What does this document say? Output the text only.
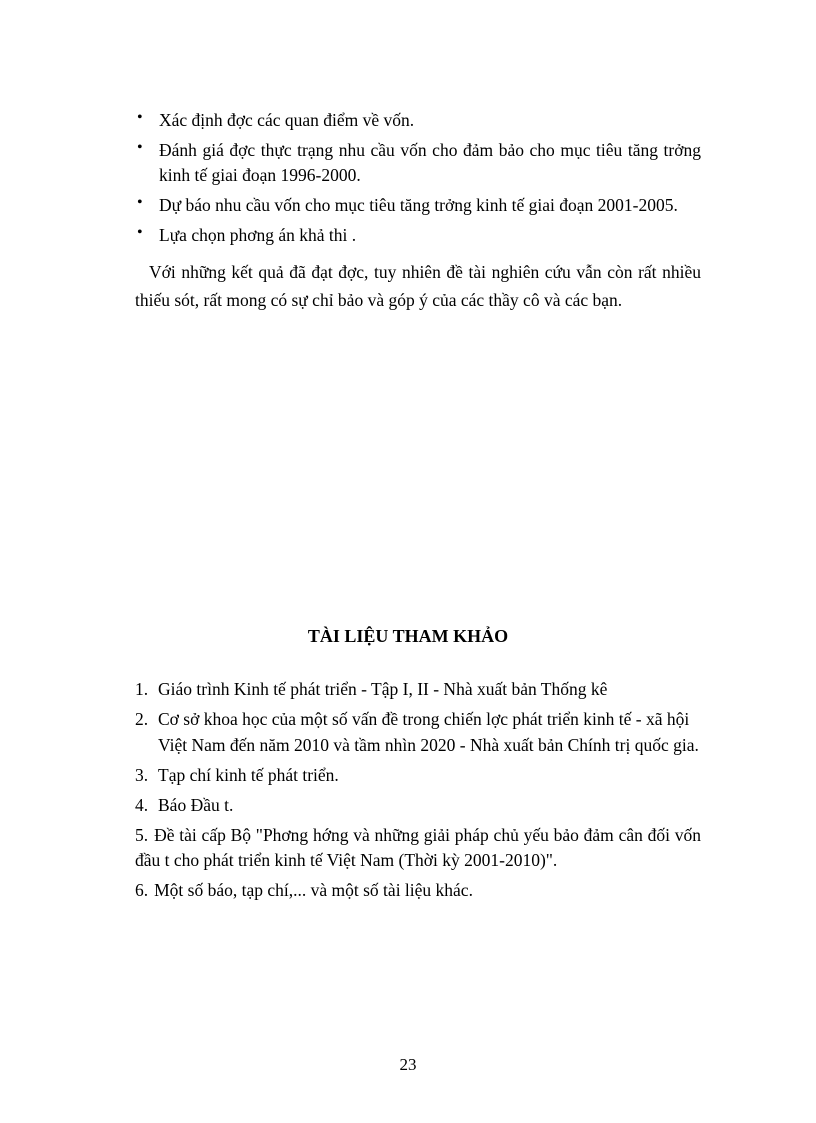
• Xác định đợc các quan điểm về vốn.
• Đánh giá đợc thực trạng nhu cầu vốn cho đảm bảo cho mục tiêu tăng trởng kinh tế giai đoạn 1996-2000.
• Dự báo nhu cầu vốn cho mục tiêu tăng trởng kinh tế giai đoạn 2001-2005.
• Lựa chọn phơng án khả thi .

Với những kết quả đã đạt đợc, tuy nhiên đề tài nghiên cứu vẫn còn rất nhiều thiếu sót, rất mong có sự chỉ bảo và góp ý của các thầy cô và các bạn.

TÀI LIỆU THAM KHẢO
1. Giáo trình Kinh tế phát triển - Tập I, II - Nhà xuất bản Thống kê
2. Cơ sở khoa học của một số vấn đề trong chiến lợc phát triển kinh tế - xã hội Việt Nam đến năm 2010 và tầm nhìn 2020 - Nhà xuất bản Chính trị quốc gia.
3. Tạp chí kinh tế phát triển.
4. Báo Đầu t.
5. Đề tài cấp Bộ "Phơng hớng và những giải pháp chủ yếu bảo đảm cân đối vốn đầu t cho phát triển kinh tế Việt Nam (Thời kỳ 2001-2010)".
6. Một số báo, tạp chí,... và một số tài liệu khác.

23
